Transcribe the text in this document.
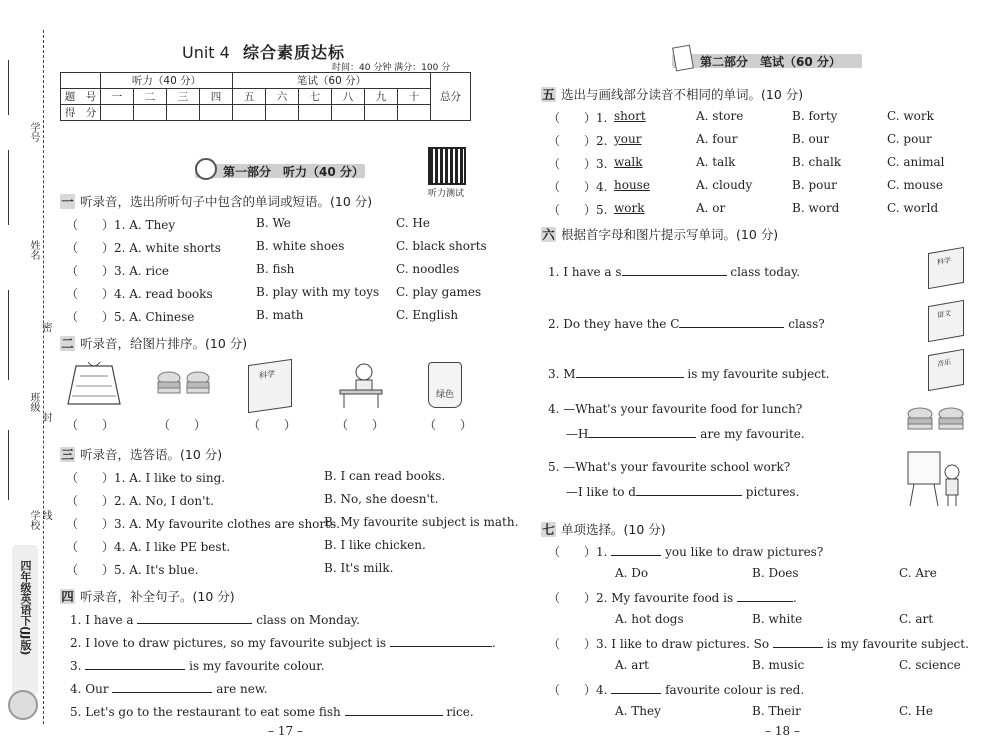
学号
姓名
密
班级
封
学校 线
四年级英语下(JJ版)
Unit 4 综合素质达标
时间：40 分钟 满分：100 分
	听力（40 分）				笔试（60 分）						总分
题　号	一	二	三	四	五	六	七	八	九	十	
得　分											
第一部分　听力（40 分）
听力测试
一 听录音，选出所听句子中包含的单词或短语。(10 分)
（　　）1. A. They	B. We	C. He
（　　）2. A. white shorts	B. white shoes	C. black shorts
（　　）3. A. rice	B. fish	C. noodles
（　　）4. A. read books	B. play with my toys C. play games
（　　）5. A. Chinese	B. math	C. English
二 听录音，给图片排序。(10 分)
科学
绿色
（　　）	（　　）	（　　）	（　　）	（　　）
三 听录音，选答语。(10 分)
（　　）1. A. I like to sing.	B. I can read books.
（　　）2. A. No, I don't.	B. No, she doesn't.
（　　）3. A. My favourite clothes are shorts.
B. My favourite subject is math.
（　　）4. A. I like PE best.	B. I like chicken.
（　　）5. A. It's blue.	B. It's milk.
四 听录音，补全句子。(10 分)
1. I have a	class on Monday.
2. I love to draw pictures, so my favourite subject is	.
3.	is my favourite colour.
4. Our	are new.
5. Let's go to the restaurant to eat some fish	rice.
– 17 –
第二部分　笔试（60 分）
五 选出与画线部分读音不相同的单词。(10 分)
（　　）1. short	A. store	B. forty	C. work
（　　）2. your	A. four	B. our	C. pour
（　　）3. walk	A. talk	B. chalk	C. animal
（　　）4. house	A. cloudy	B. pour	C. mouse
（　　）5. work	A. or	B. word	C. world
六 根据首字母和图片提示写单词。(10 分)
1. I have a s	class today.
科学
2. Do they have the C	class?
语文
3. M	is my favourite subject.
音乐
4. —What's your favourite food for lunch?
—H	are my favourite.
5. —What's your favourite school work?
—I like to d	pictures.
七 单项选择。(10 分)
（　　）1.	you like to draw pictures?
A. Do	B. Does	C. Are
（　　）2. My favourite food is	.
A. hot dogs	B. white	C. art
（　　）3. I like to draw pictures. So	is my favourite subject.
A. art	B. music	C. science
（　　）4.	favourite colour is red.
A. They	B. Their	C. He
– 18 –
